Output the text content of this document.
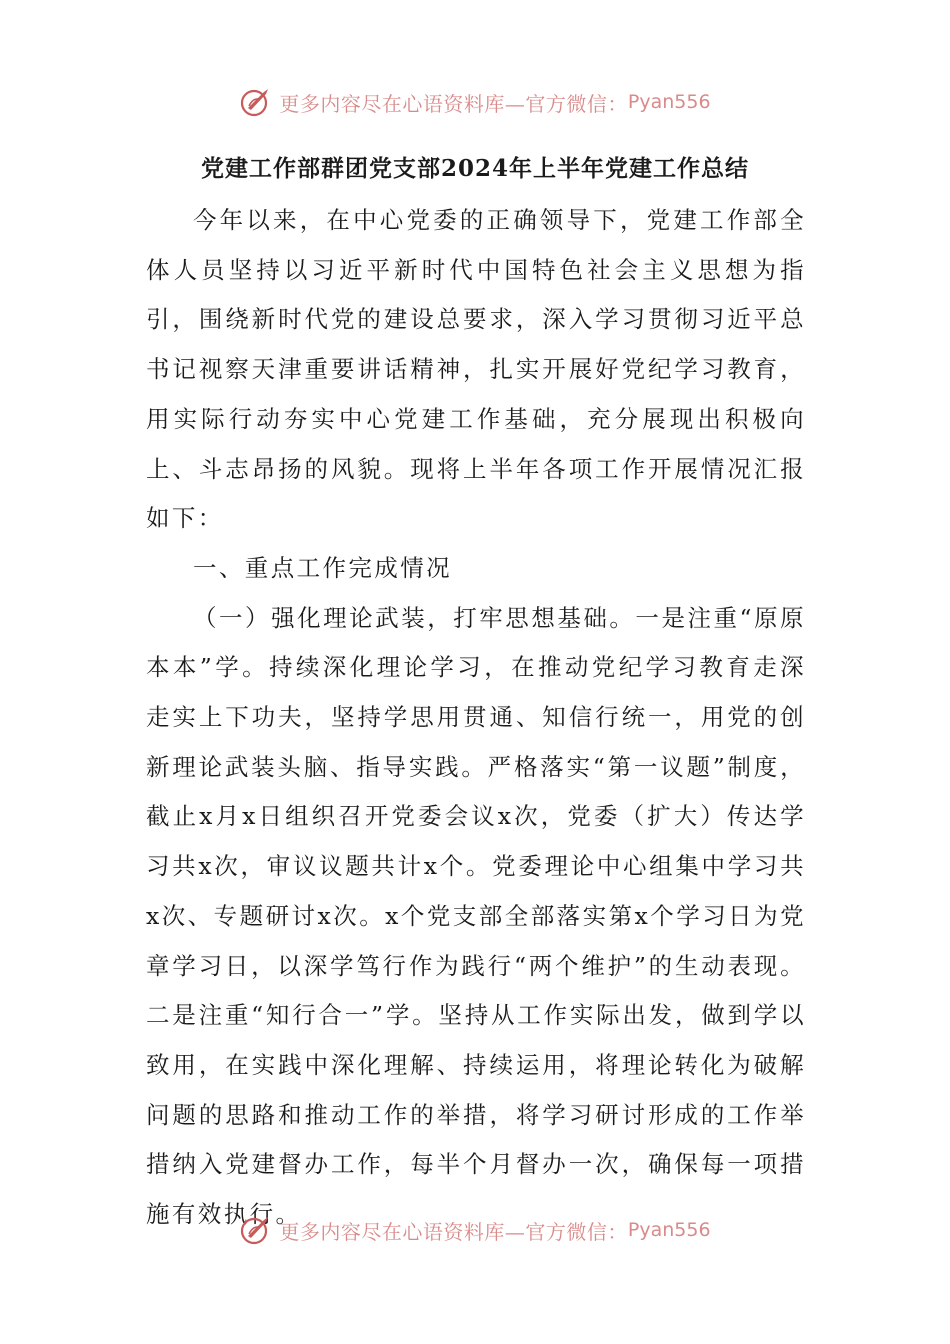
更多内容尽在心语资料库—官方微信： Pyan556
党建工作部群团党支部2024年上半年党建工作总结

今年以来，在中心党委的正确领导下，党建工作部全体人员坚持以习近平新时代中国特色社会主义思想为指引，围绕新时代党的建设总要求，深入学习贯彻习近平总书记视察天津重要讲话精神，扎实开展好党纪学习教育，用实际行动夯实中心党建工作基础，充分展现出积极向上、斗志昂扬的风貌。现将上半年各项工作开展情况汇报如下：

一、重点工作完成情况

（一）强化理论武装，打牢思想基础。一是注重“原原本本”学。持续深化理论学习，在推动党纪学习教育走深走实上下功夫，坚持学思用贯通、知信行统一，用党的创新理论武装头脑、指导实践。严格落实“第一议题”制度，截止x月x日组织召开党委会议x次，党委（扩大）传达学习共x次，审议议题共计x个。党委理论中心组集中学习共x次、专题研讨x次。x个党支部全部落实第x个学习日为党章学习日，以深学笃行作为践行“两个维护”的生动表现。二是注重“知行合一”学。坚持从工作实际出发，做到学以致用，在实践中深化理解、持续运用，将理论转化为破解问题的思路和推动工作的举措，将学习研讨形成的工作举措纳入党建督办工作，每半个月督办一次，确保每一项措施有效执行。

更多内容尽在心语资料库—官方微信： Pyan556
